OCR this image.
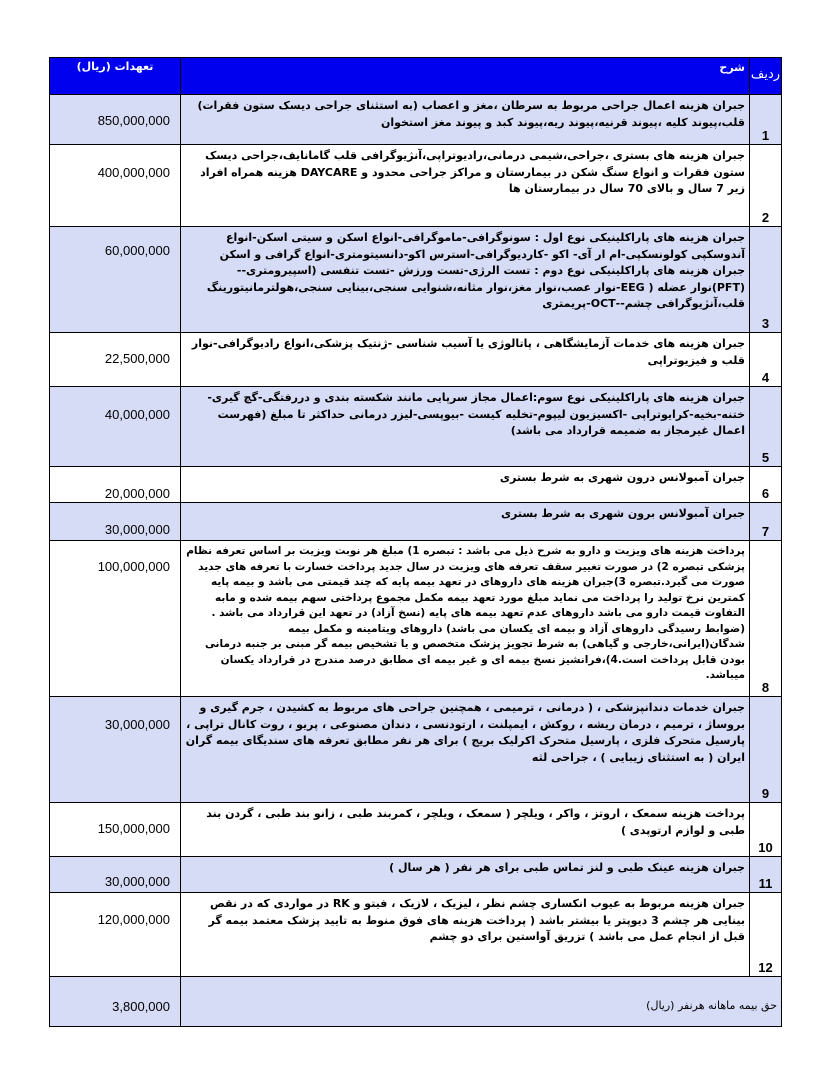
تعهدات (ریال)	شرح	ردیف
850,000,000	جبران هزینه اعمال جراحی مربوط به سرطان ،مغز و اعصاب (به استثنای جراحی دیسک ستون فقرات) قلب،پیوند کلیه ،پیوند قرنیه،پیوند ریه،پیوند کبد و پیوند مغز استخوان	1
400,000,000	جبران هزینه های بستری ،جراحی،شیمی درمانی،رادیوتراپی،آنژیوگرافی قلب گامانایف،جراحی دیسک ستون فقرات و انواع سنگ شکن در بیمارستان و مراکز جراحی محدود و DAYCARE هزینه همراه افراد زیر 7 سال و بالای 70 سال در بیمارستان ها	2
60,000,000	جبران هزینه های پاراکلینیکی نوع اول : سونوگرافی-ماموگرافی-انواع اسکن و سیتی اسکن-انواع آندوسکپی کولونسکپی-ام ار آی- اکو -کاردیوگرافی-استرس اکو-دانسیتومتری-انواع گرافی و اسکن جبران هزینه های پاراکلینیکی نوع دوم : تست الرژی-تست ورزش -تست تنفسی (اسپیرومتری--(PFT)نوار عضله ( EEG-نوار عصب،نوار مغز،نوار مثانه،شنوایی سنجی،بینایی سنجی،هولترمانیتورینگ قلب،آنژیوگرافی چشم--OCT-پریمتری	3
22,500,000	جبران هزینه های خدمات آزمایشگاهی ، پاتالوژی یا آسیب شناسی -ژنتیک پزشکی،انواع رادیوگرافی-نوار قلب و فیزیوتراپی	4
40,000,000	جبران هزینه های پاراکلینیکی نوع سوم:اعمال مجاز سرپایی مانند شکسته بندی و دررفتگی-گچ گیری-ختنه-بخیه-کرایوتراپی -اکسیزیون لیپوم-تخلیه کیست -بیوپسی-لیزر درمانی حداکثر تا مبلغ (فهرست اعمال غیرمجاز به ضمیمه قرارداد می باشد)	5
20,000,000	جبران آمبولانس درون شهری به شرط بستری	6
30,000,000	جبران آمبولانس برون شهری به شرط بستری	7
100,000,000	پرداخت هزینه های ویزیت و دارو به شرح ذیل می باشد : تبصره 1) مبلغ هر نوبت ویزیت بر اساس تعرفه نظام پزشکی تبصره 2) در صورت تغییر سقف تعرفه های ویزیت در سال جدید پرداخت خسارت با تعرفه های جدید صورت می گیرد.تبصره 3)جبران هزینه های داروهای در تعهد بیمه پایه که چند قیمتی می باشد و بیمه پایه کمترین نرخ تولید را پرداخت می نماید مبلغ مورد تعهد بیمه مکمل مجموع پرداختی سهم بیمه شده و مابه التفاوت قیمت دارو می باشد داروهای عدم تعهد بیمه های پایه (نسخ آزاد) در تعهد این قرارداد می باشد .(ضوابط رسیدگی داروهای آزاد و بیمه ای یکسان می باشد) داروهای ویتامینه و مکمل بیمه شدگان(ایرانی،خارجی و گیاهی) به شرط تجویز پزشک متخصص و یا تشخیص بیمه گر مبنی بر جنبه درمانی بودن قابل پرداخت است.4)،فرانشیز نسخ بیمه ای و غیر بیمه ای مطابق درصد مندرج در قرارداد یکسان میباشد.	8
30,000,000	جبران خدمات دندانپزشکی ، ( درمانی ، ترمیمی ، همچنین جراحی های مربوط به کشیدن ، جرم گیری و بروساژ ، ترمیم ، درمان ریشه ، روکش ، ایمپلنت ، ارتودنسی ، دندان مصنوعی ، پریو ، روت کانال تراپی ، پارسیل متحرک فلزی ، پارسیل متحرک اکرلیک بریج ) برای هر نفر مطابق تعرفه های سندیگای بیمه گران ایران ( به استثنای زیبایی ) ، جراحی لثه	9
150,000,000	پرداخت هزینه سمعک ، اروتز ، واکر ، ویلچر ( سمعک ، ویلچر ، کمربند طبی ، زانو بند طبی ، گردن بند طبی و لوازم ارتوپدی )	10
30,000,000	جبران هزینه عینک طبی و لنز تماس طبی برای هر نفر ( هر سال )	11
120,000,000	جبران هزینه مربوط به عیوب انکساری چشم نظر ، لیزیک ، لازیک ، فیتو و RK در مواردی که در نقص بینایی هر چشم 3 دیوپتر یا بیشتر باشد ( پرداخت هزینه های فوق منوط به تایید پزشک معتمد بیمه گر قبل از انجام عمل می باشد ) تزریق آواستین برای دو چشم	12
3,800,000	حق بیمه ماهانه هرنفر (ریال)	
